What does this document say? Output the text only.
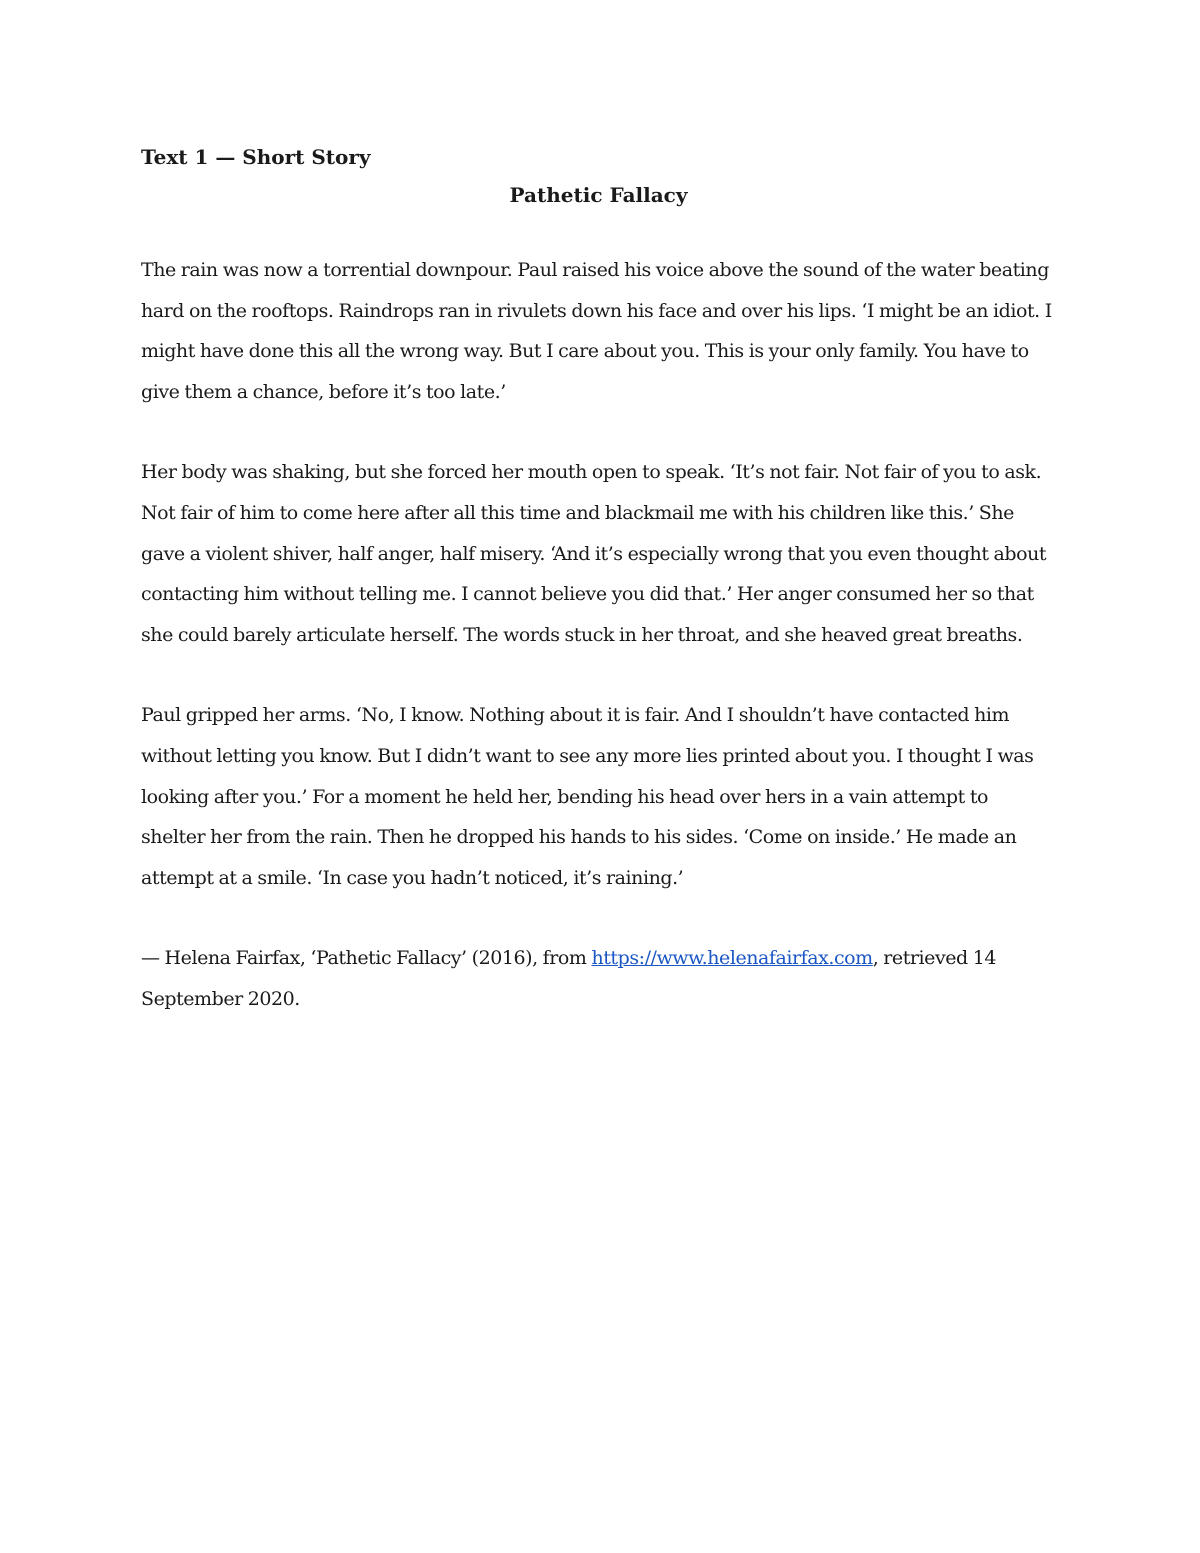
Text 1 — Short Story

Pathetic Fallacy

The rain was now a torrential downpour. Paul raised his voice above the sound of the water beating hard on the rooftops. Raindrops ran in rivulets down his face and over his lips. ‘I might be an idiot. I might have done this all the wrong way. But I care about you. This is your only family. You have to give them a chance, before it’s too late.’

Her body was shaking, but she forced her mouth open to speak. ‘It’s not fair. Not fair of you to ask. Not fair of him to come here after all this time and blackmail me with his children like this.’ She gave a violent shiver, half anger, half misery. ‘And it’s especially wrong that you even thought about contacting him without telling me. I cannot believe you did that.’ Her anger consumed her so that she could barely articulate herself. The words stuck in her throat, and she heaved great breaths.

Paul gripped her arms. ‘No, I know. Nothing about it is fair. And I shouldn’t have contacted him without letting you know. But I didn’t want to see any more lies printed about you. I thought I was looking after you.’ For a moment he held her, bending his head over hers in a vain attempt to shelter her from the rain. Then he dropped his hands to his sides. ‘Come on inside.’ He made an attempt at a smile. ‘In case you hadn’t noticed, it’s raining.’

— Helena Fairfax, ‘Pathetic Fallacy’ (2016), from https://www.helenafairfax.com, retrieved 14 September 2020.
